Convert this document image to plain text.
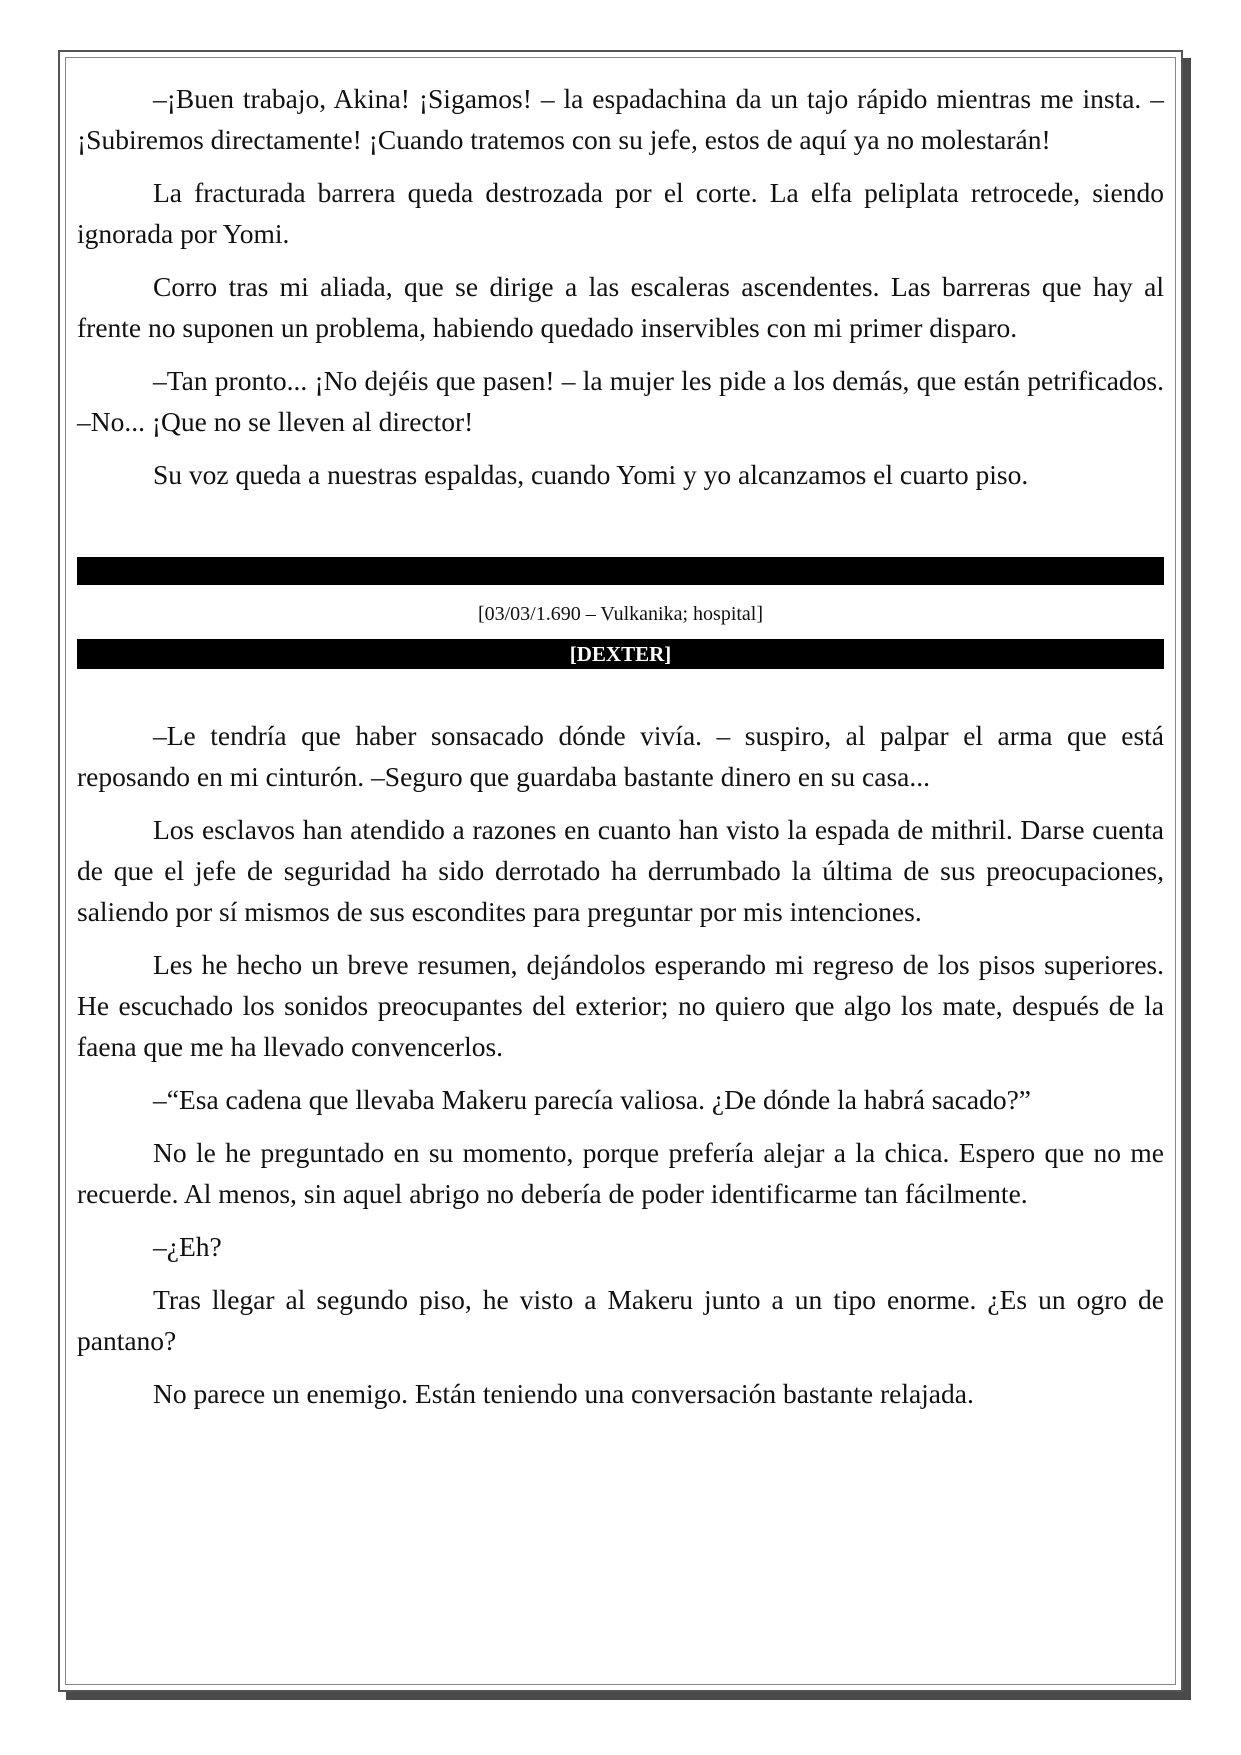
–¡Buen trabajo, Akina! ¡Sigamos! – la espadachina da un tajo rápido mientras me insta. –¡Subiremos directamente! ¡Cuando tratemos con su jefe, estos de aquí ya no molestarán!

La fracturada barrera queda destrozada por el corte. La elfa peliplata retrocede, siendo ignorada por Yomi.

Corro tras mi aliada, que se dirige a las escaleras ascendentes. Las barreras que hay al frente no suponen un problema, habiendo quedado inservibles con mi primer disparo.

–Tan pronto... ¡No dejéis que pasen! – la mujer les pide a los demás, que están petrificados. –No... ¡Que no se lleven al director!

Su voz queda a nuestras espaldas, cuando Yomi y yo alcanzamos el cuarto piso.

[03/03/1.690 – Vulkanika; hospital]
[DEXTER]

–Le tendría que haber sonsacado dónde vivía. – suspiro, al palpar el arma que está reposando en mi cinturón. –Seguro que guardaba bastante dinero en su casa...

Los esclavos han atendido a razones en cuanto han visto la espada de mithril. Darse cuenta de que el jefe de seguridad ha sido derrotado ha derrumbado la última de sus preocupaciones, saliendo por sí mismos de sus escondites para preguntar por mis intenciones.

Les he hecho un breve resumen, dejándolos esperando mi regreso de los pisos superiores. He escuchado los sonidos preocupantes del exterior; no quiero que algo los mate, después de la faena que me ha llevado convencerlos.

–“Esa cadena que llevaba Makeru parecía valiosa. ¿De dónde la habrá sacado?”

No le he preguntado en su momento, porque prefería alejar a la chica. Espero que no me recuerde. Al menos, sin aquel abrigo no debería de poder identificarme tan fácilmente.

–¿Eh?

Tras llegar al segundo piso, he visto a Makeru junto a un tipo enorme. ¿Es un ogro de pantano?

No parece un enemigo. Están teniendo una conversación bastante relajada.
